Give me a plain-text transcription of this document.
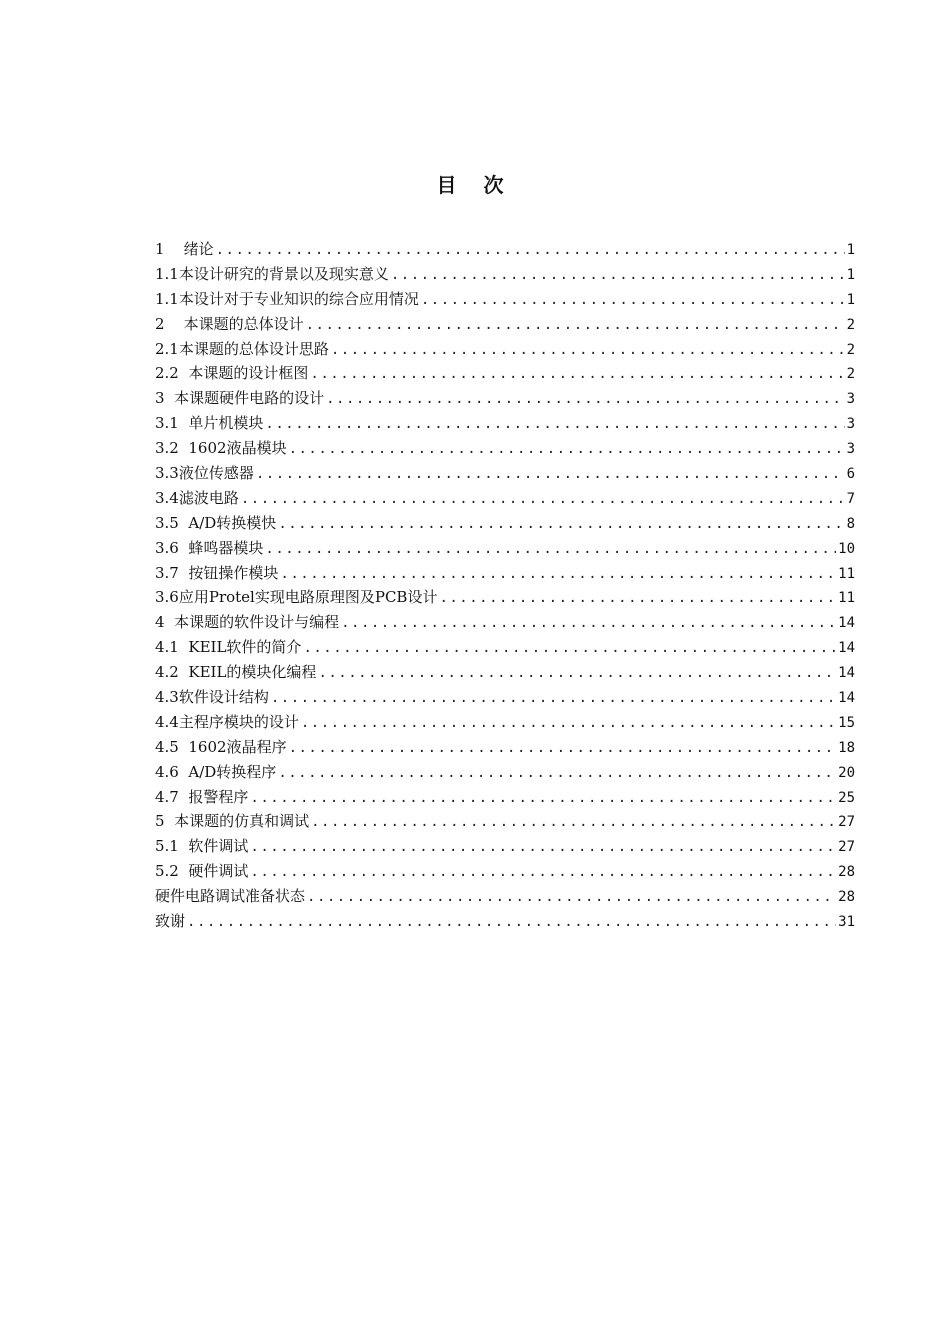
目 次
1    绪论 .....	1
1.1本设计研究的背景以及现实意义 .....	1
1.1本设计对于专业知识的综合应用情况 .....	1
2    本课题的总体设计 .....	2
2.1本课题的总体设计思路 .....	2
2.2  本课题的设计框图 .....	2
3  本课题硬件电路的设计 .....	3
3.1  单片机模块 .....	3
3.2  1602液晶模块 .....	3
3.3液位传感器 .....	6
3.4滤波电路 .....	7
3.5  A/D转换模快 .....	8
3.6  蜂鸣器模块 .....	10
3.7  按钮操作模块 .....	11
3.6应用Protel实现电路原理图及PCB设计 .....	11
4  本课题的软件设计与编程 .....	14
4.1  KEIL软件的简介 .....	14
4.2  KEIL的模块化编程 .....	14
4.3软件设计结构 .....	14
4.4主程序模块的设计 .....	15
4.5  1602液晶程序 .....	18
4.6  A/D转换程序 .....	20
4.7  报警程序 .....	25
5  本课题的仿真和调试 .....	27
5.1  软件调试 .....	27
5.2  硬件调试 .....	28
硬件电路调试准备状态 .....	28
致谢 .....	31
